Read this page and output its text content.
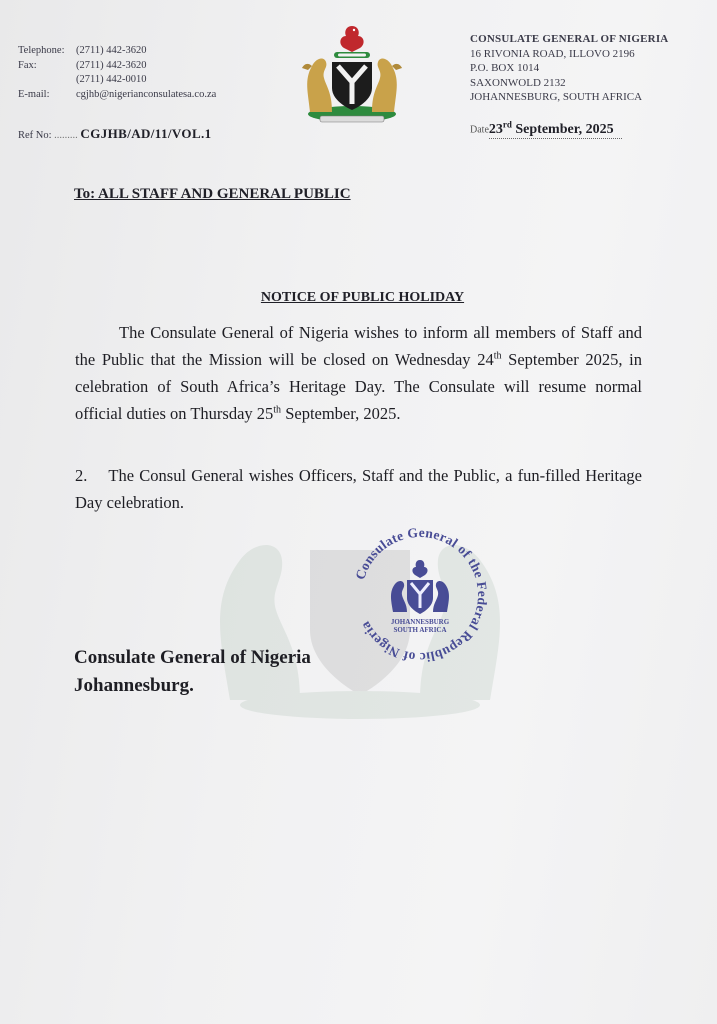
Telephone:	(2711) 442-3620
Fax:	(2711) 442-3620
(2711) 442-0010
E-mail:	cgjhb@nigerianconsulatesa.co.za
CONSULATE GENERAL OF NIGERIA
16 RIVONIA ROAD, ILLOVO 2196
P.O. BOX 1014
SAXONWOLD 2132
JOHANNESBURG, SOUTH AFRICA
Ref No: ......... CGJHB/AD/11/VOL.1	Date23rd September, 2025
To: ALL STAFF AND GENERAL PUBLIC
NOTICE OF PUBLIC HOLIDAY
The Consulate General of Nigeria wishes to inform all members of Staff and the Public that the Mission will be closed on Wednesday 24th September 2025, in celebration of South Africa’s Heritage Day. The Consulate will resume normal official duties on Thursday 25th September, 2025.
2. The Consul General wishes Officers, Staff and the Public, a fun-filled Heritage Day celebration.
Consulate General of the Federal Republic of Nigeria	JOHANNESBURG
SOUTH AFRICA
Consulate General of Nigeria
Johannesburg.
